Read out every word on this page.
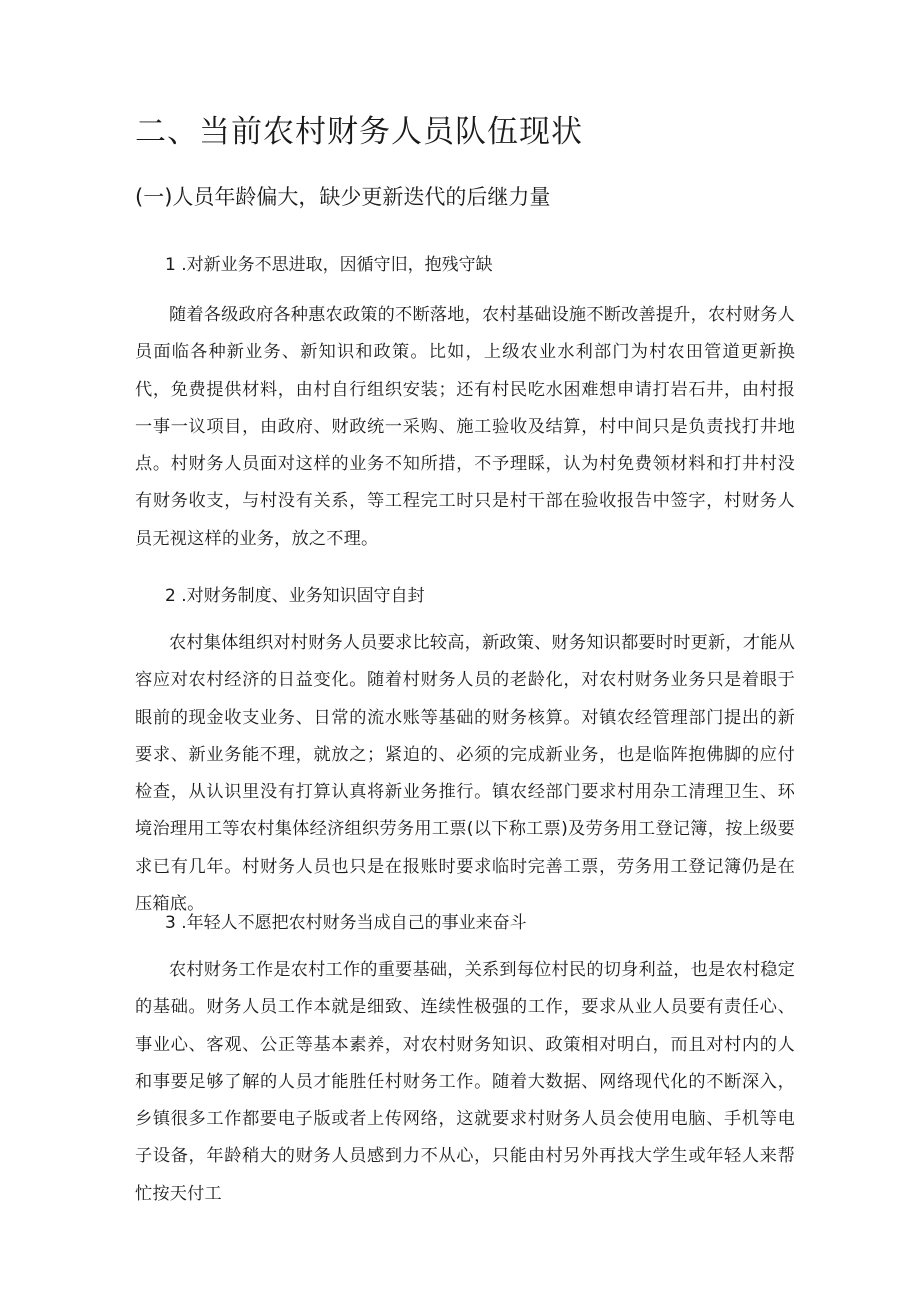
二、当前农村财务人员队伍现状
(一)人员年龄偏大，缺少更新迭代的后继力量
1 .对新业务不思进取，因循守旧，抱残守缺
随着各级政府各种惠农政策的不断落地，农村基础设施不断改善提升，农村财务人员面临各种新业务、新知识和政策。比如，上级农业水利部门为村农田管道更新换代，免费提供材料，由村自行组织安装；还有村民吃水困难想申请打岩石井，由村报一事一议项目，由政府、财政统一采购、施工验收及结算，村中间只是负责找打井地点。村财务人员面对这样的业务不知所措，不予理睬，认为村免费领材料和打井村没有财务收支，与村没有关系，等工程完工时只是村干部在验收报告中签字，村财务人员无视这样的业务，放之不理。
2 .对财务制度、业务知识固守自封
农村集体组织对村财务人员要求比较高，新政策、财务知识都要时时更新，才能从容应对农村经济的日益变化。随着村财务人员的老龄化，对农村财务业务只是着眼于眼前的现金收支业务、日常的流水账等基础的财务核算。对镇农经管理部门提出的新要求、新业务能不理，就放之；紧迫的、必须的完成新业务，也是临阵抱佛脚的应付检查，从认识里没有打算认真将新业务推行。镇农经部门要求村用杂工清理卫生、环境治理用工等农村集体经济组织劳务用工票(以下称工票)及劳务用工登记簿，按上级要求已有几年。村财务人员也只是在报账时要求临时完善工票，劳务用工登记簿仍是在压箱底。
3 .年轻人不愿把农村财务当成自己的事业来奋斗
农村财务工作是农村工作的重要基础，关系到每位村民的切身利益，也是农村稳定的基础。财务人员工作本就是细致、连续性极强的工作，要求从业人员要有责任心、事业心、客观、公正等基本素养，对农村财务知识、政策相对明白，而且对村内的人和事要足够了解的人员才能胜任村财务工作。随着大数据、网络现代化的不断深入，乡镇很多工作都要电子版或者上传网络，这就要求村财务人员会使用电脑、手机等电子设备，年龄稍大的财务人员感到力不从心，只能由村另外再找大学生或年轻人来帮忙按天付工
